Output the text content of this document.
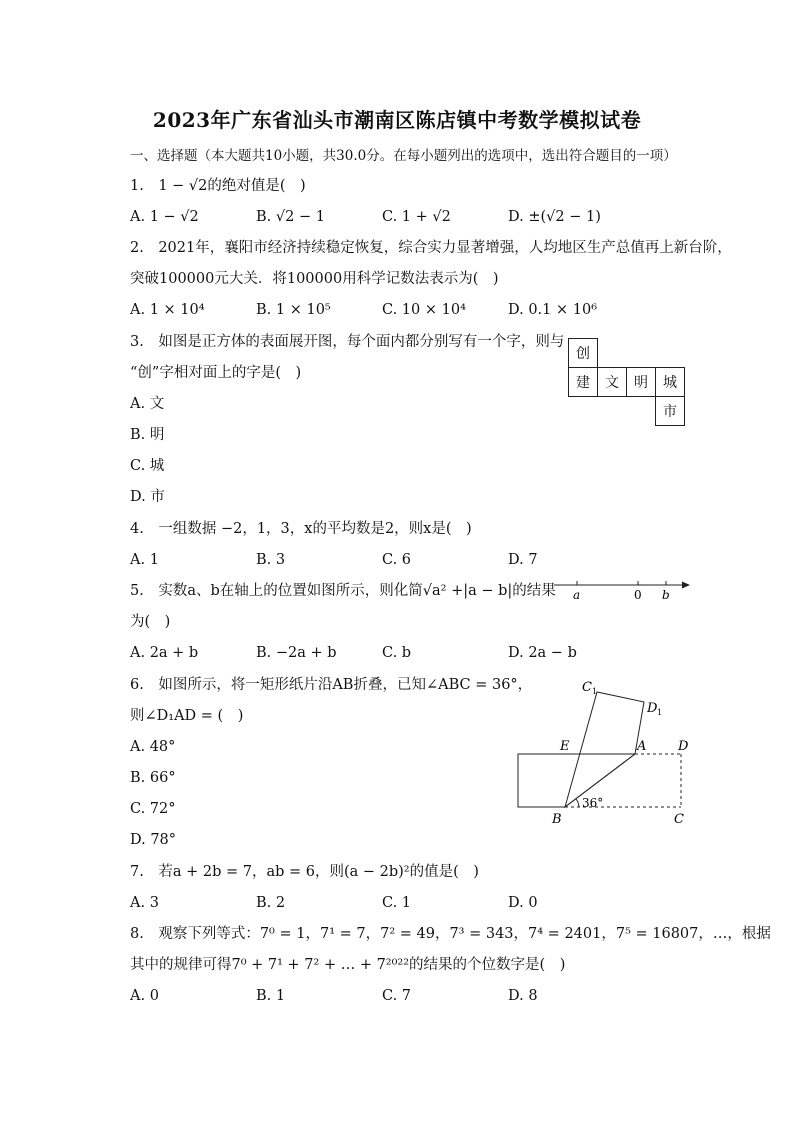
2023年广东省汕头市潮南区陈店镇中考数学模拟试卷
一、选择题（本大题共10小题，共30.0分。在每小题列出的选项中，选出符合题目的一项）
1.　1 − √2的绝对值是(　)
A. 1 − √2	B. √2 − 1	C. 1 + √2	D. ±(√2 − 1)
2.　2021年，襄阳市经济持续稳定恢复，综合实力显著增强，人均地区生产总值再上新台阶，
突破100000元大关．将100000用科学记数法表示为(　)
A. 1 × 10⁴	B. 1 × 10⁵	C. 10 × 10⁴	D. 0.1 × 10⁶
3.　如图是正方体的表面展开图，每个面内都分别写有一个字，则与
“创”字相对面上的字是(　)
A. 文
B. 明
C. 城
D. 市
创
建	文	明	城
市
4.　一组数据 −2，1，3，x的平均数是2，则x是(　)
A. 1	B. 3	C. 6	D. 7
5.　实数a、b在轴上的位置如图所示，则化简√a² +|a − b|的结果
为(　)
A. 2a + b	B. −2a + b	C. b	D. 2a − b
a	0 b
6.　如图所示，将一矩形纸片沿AB折叠，已知∠ABC = 36°，
则∠D₁AD = (　)
A. 48°
B. 66°
C. 72°
D. 78°
36°
C 1
D 1
E	A D
B	C
7.　若a + 2b = 7，ab = 6，则(a − 2b)²的值是(　)
A. 3	B. 2	C. 1	D. 0
8.　观察下列等式：7⁰ = 1，7¹ = 7，7² = 49，7³ = 343，7⁴ = 2401，7⁵ = 16807，…，根据
其中的规律可得7⁰ + 7¹ + 7² + … + 7²⁰²²的结果的个位数字是(　)
A. 0	B. 1	C. 7	D. 8
